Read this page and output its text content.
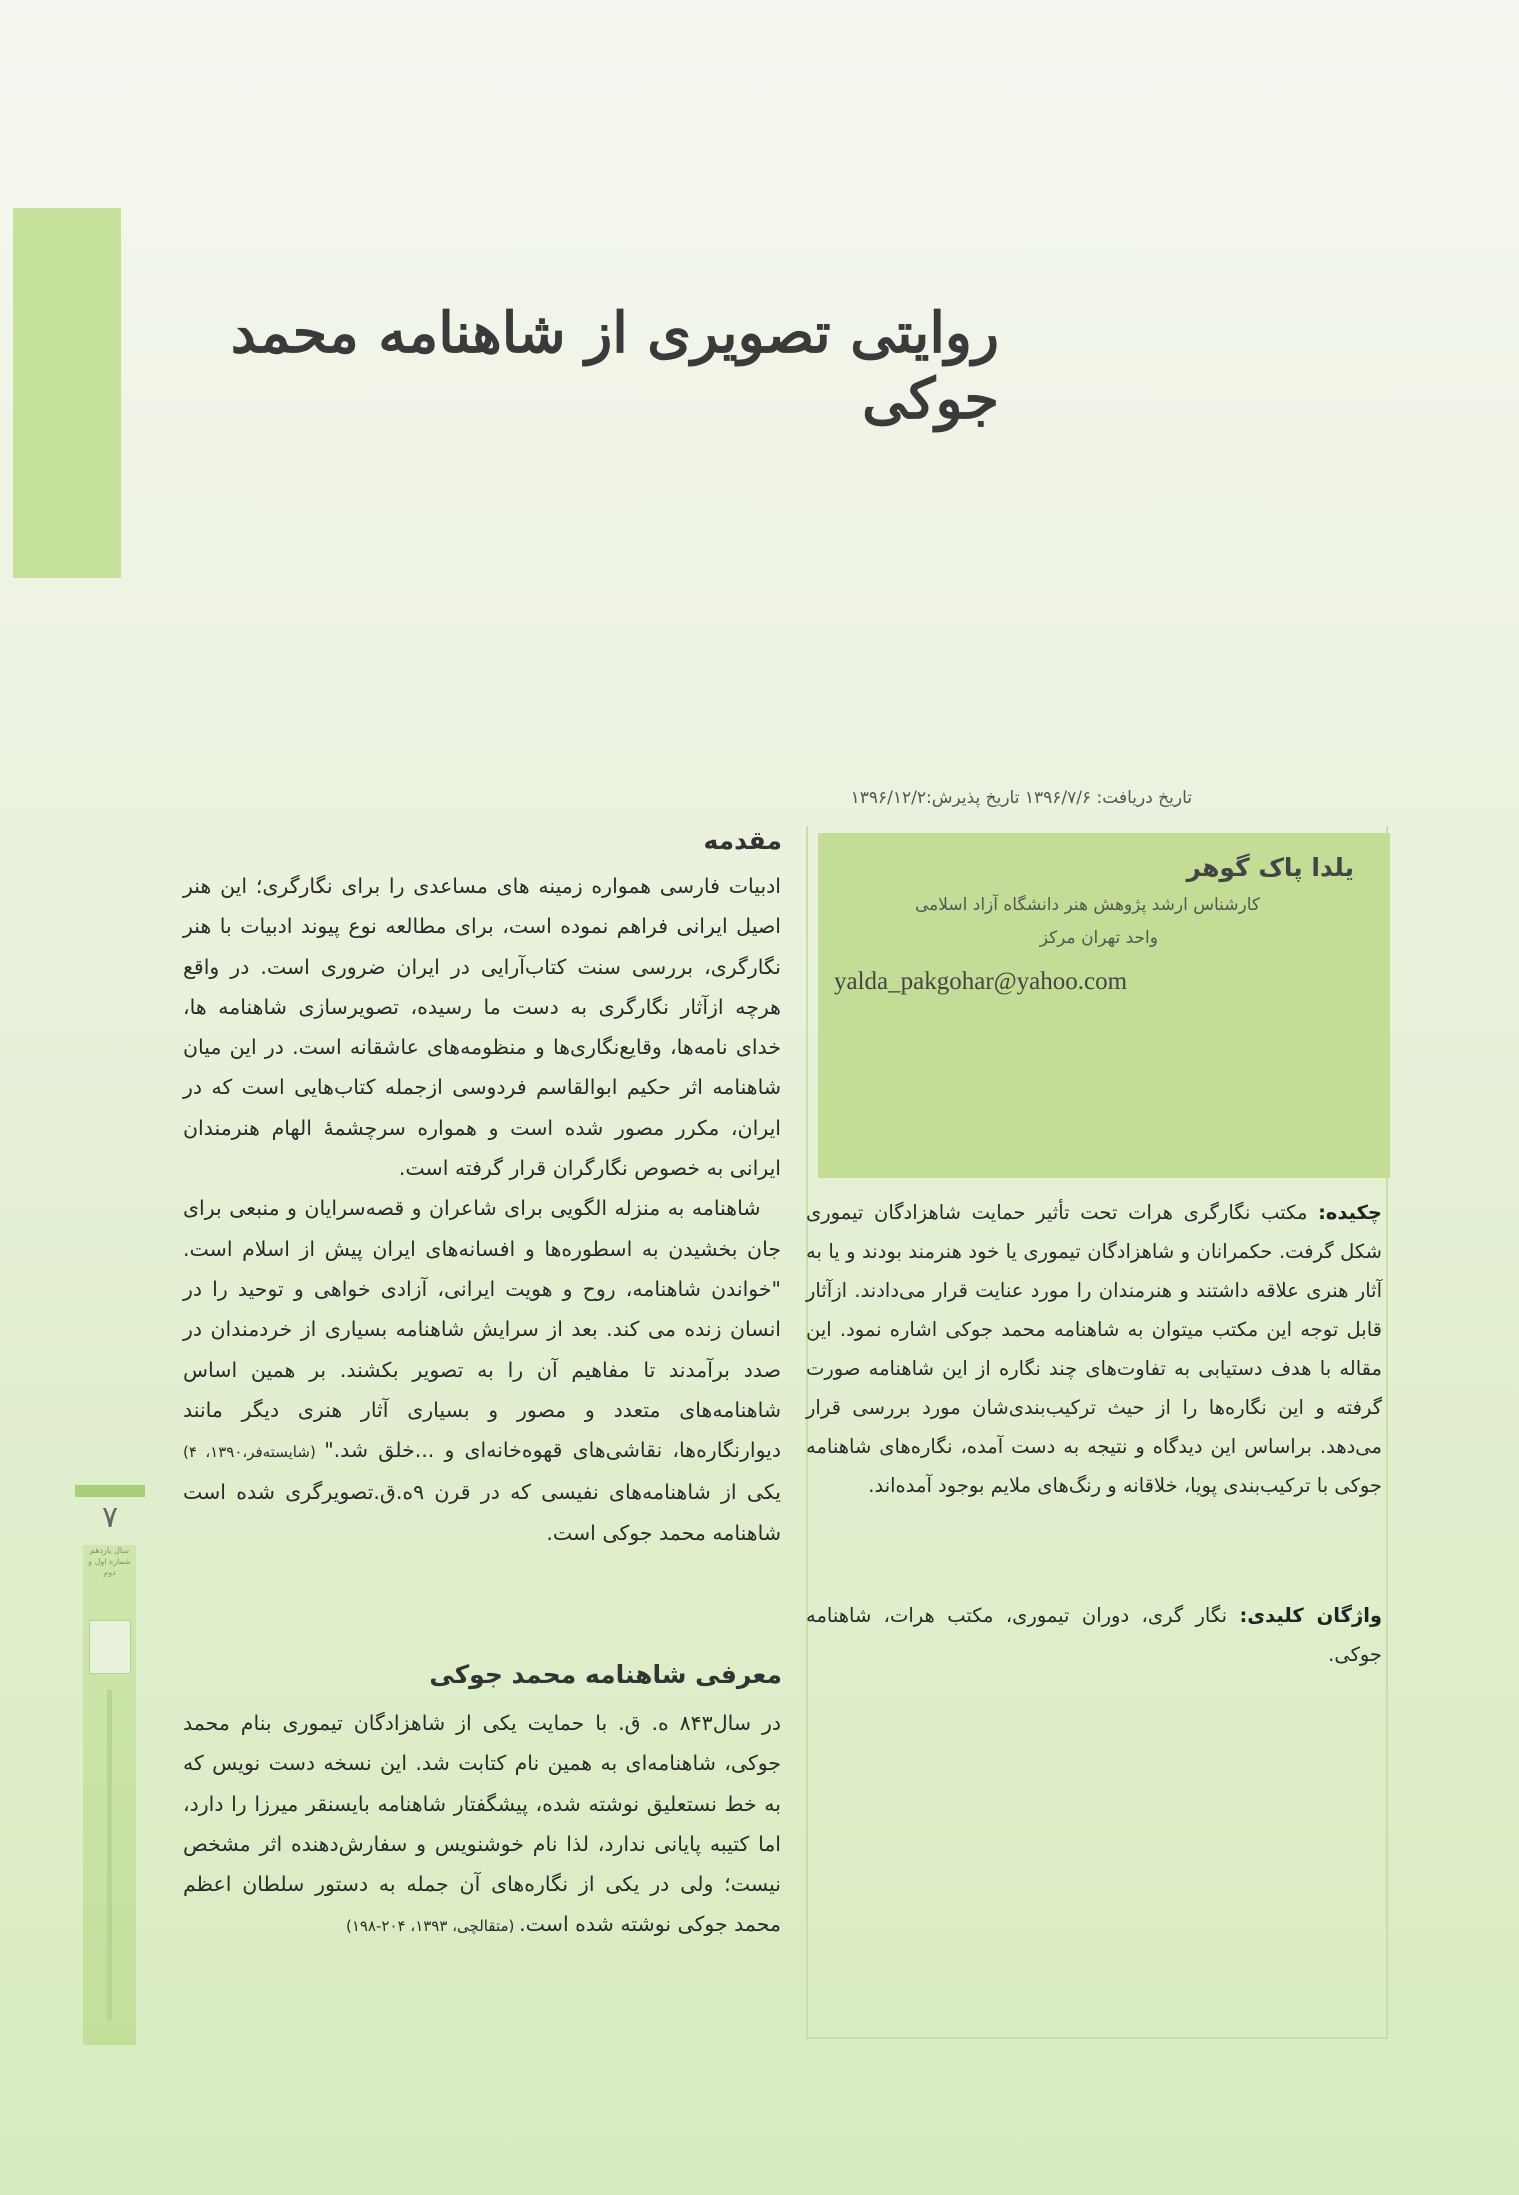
روایتی تصویری از شاهنامه محمد جوکی
تاریخ دریافت: ۱۳۹۶/۷/۶ تاریخ پذیرش:۱۳۹۶/۱۲/۲
یلدا پاک گوهر
کارشناس ارشد پژوهش هنر دانشگاه آزاد اسلامی
واحد تهران مرکز
yalda_pakgohar@yahoo.com
چکیده: مکتب نگارگری هرات تحت تأثیر حمایت شاهزادگان تیموری شکل گرفت. حکمرانان و شاهزادگان تیموری یا خود هنرمند بودند و یا به آثار هنری علاقه داشتند و هنرمندان را مورد عنایت قرار می‌دادند. ازآثار قابل توجه این مکتب میتوان به شاهنامه محمد جوکی اشاره نمود. این مقاله با هدف دستیابی به تفاوت‌های چند نگاره از این شاهنامه صورت گرفته و این نگاره‌ها را از حیث ترکیب‌بندی‌شان مورد بررسی قرار می‌دهد. براساس این دیدگاه و نتیجه به دست آمده، نگاره‌های شاهنامه جوکی با ترکیب‌بندی پویا، خلاقانه و رنگ‌های ملایم بوجود آمده‌اند.
واژگان کلیدی: نگار گری، دوران تیموری، مکتب هرات، شاهنامه جوکی.
مقدمه

ادبیات فارسی همواره زمینه های مساعدی را برای نگارگری؛ این هنر اصیل ایرانی فراهم نموده است، برای مطالعه نوع پیوند ادبیات با هنر نگارگری، بررسی سنت کتاب‌آرایی در ایران ضروری است. در واقع هرچه ازآثار نگارگری به دست ما رسیده، تصویرسازی شاهنامه ها، خدای نامه‌ها، وقایع‌نگاری‌ها و منظومه‌های عاشقانه است. در این میان شاهنامه اثر حکیم ابوالقاسم فردوسی ازجمله کتاب‌هایی است که در ایران، مکرر مصور شده است و همواره سرچشمهٔ الهام هنرمندان ایرانی به خصوص نگارگران قرار گرفته است.

 شاهنامه به منزله الگویی برای شاعران و قصه‌سرایان و منبعی برای جان بخشیدن به اسطوره‌ها و افسانه‌های ایران پیش از اسلام است. "خواندن شاهنامه، روح و هویت ایرانی، آزادی خواهی و توحید را در انسان زنده می کند. بعد از سرایش شاهنامه بسیاری از خردمندان در صدد برآمدند تا مفاهیم آن را به تصویر بکشند. بر همین اساس شاهنامه‌های متعدد و مصور و بسیاری آثار هنری دیگر مانند دیوارنگاره‌ها، نقاشی‌های قهوه‌خانه‌ای و ...خلق شد." (شایسته‌فر،۱۳۹۰، ۴) یکی از شاهنامه‌های نفیسی که در قرن ۹ه.ق.تصویرگری شده است شاهنامه محمد جوکی است.

معرفی شاهنامه محمد جوکی
در سال۸۴۳ ه. ق. با حمایت یکی از شاهزادگان تیموری بنام محمد جوکی، شاهنامه‌ای به همین نام کتابت شد. این نسخه دست نویس که به خط نستعلیق نوشته شده، پیشگفتار شاهنامه بایسنقر میرزا را دارد، اما کتیبه پایانی ندارد، لذا نام خوشنویس و سفارش‌دهنده اثر مشخص نیست؛ ولی در یکی از نگاره‌های آن جمله به دستور سلطان اعظم محمد جوکی نوشته شده است. (متقالچی، ۱۳۹۳، ۲۰۴-۱۹۸)
۷
سال یازدهم شماره اول و دوم
